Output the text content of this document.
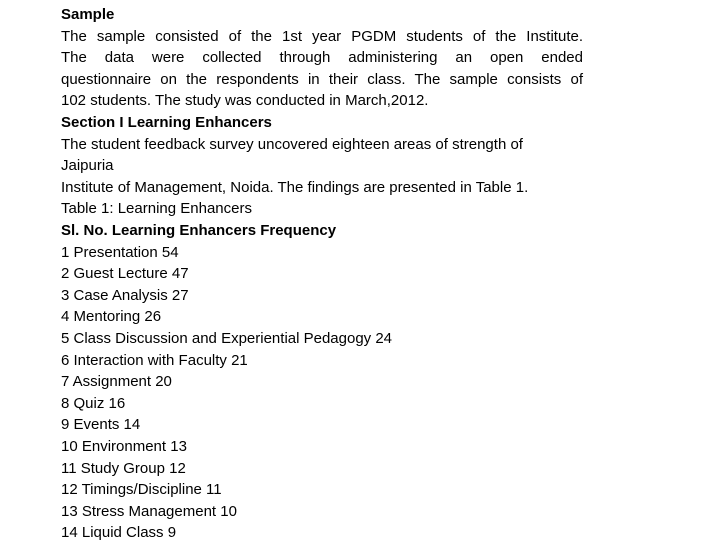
Sample
The sample consisted of the 1st year PGDM students of the Institute.
The data were collected through administering an open ended
questionnaire on the respondents in their class. The sample consists of
102 students. The study was conducted in March,2012.
Section I Learning Enhancers
The student feedback survey uncovered eighteen areas of strength of
Jaipuria
Institute of Management, Noida. The findings are presented in Table 1.
Table 1: Learning Enhancers
Sl. No. Learning Enhancers Frequency
1 Presentation 54
2 Guest Lecture 47
3 Case Analysis 27
4 Mentoring 26
5 Class Discussion and Experiential Pedagogy 24
6 Interaction with Faculty 21
7 Assignment 20
8 Quiz 16
9 Events 14
10 Environment 13
11 Study Group 12
12 Timings/Discipline 11
13 Stress Management 10
14 Liquid Class 9
